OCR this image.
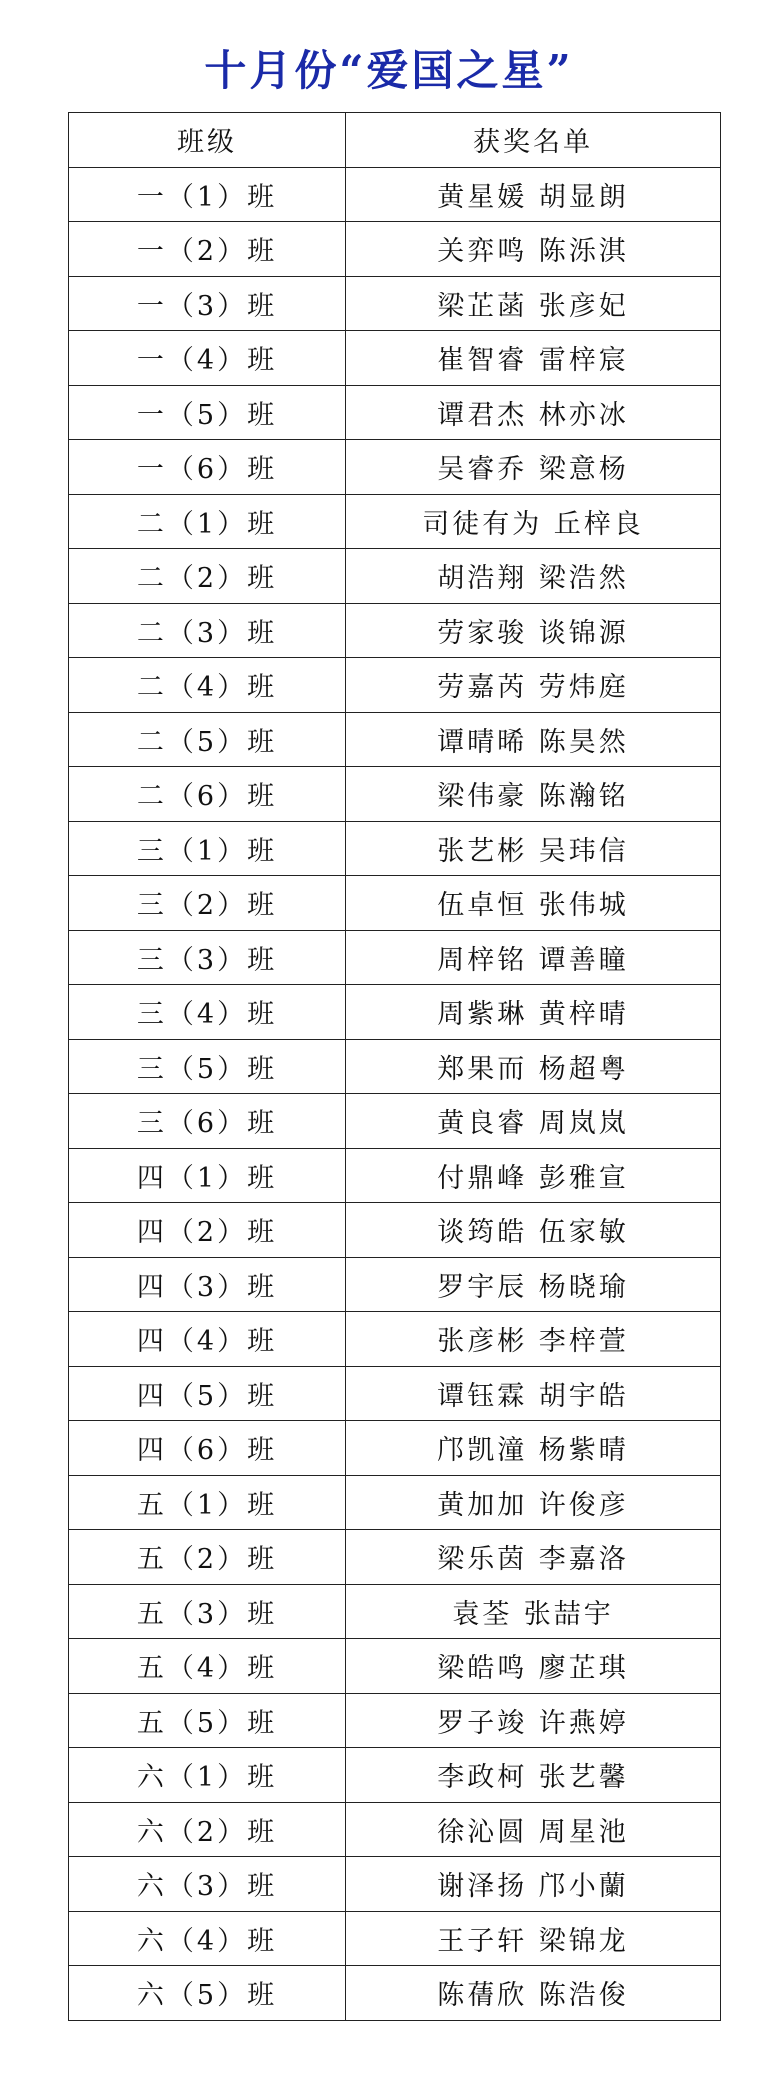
十月份“爱国之星”
班级	获奖名单
一（1）班	黄星媛 胡显朗
一（2）班	关弈鸣 陈泺淇
一（3）班	梁芷菡 张彦妃
一（4）班	崔智睿 雷梓宸
一（5）班	谭君杰 林亦冰
一（6）班	吴睿乔 梁意杨
二（1）班	司徒有为 丘梓良
二（2）班	胡浩翔 梁浩然
二（3）班	劳家骏 谈锦源
二（4）班	劳嘉芮 劳炜庭
二（5）班	谭晴晞 陈昊然
二（6）班	梁伟豪 陈瀚铭
三（1）班	张艺彬 吴玮信
三（2）班	伍卓恒 张伟城
三（3）班	周梓铭 谭善瞳
三（4）班	周紫琳 黄梓晴
三（5）班	郑果而 杨超粤
三（6）班	黄良睿 周岚岚
四（1）班	付鼎峰 彭雅宣
四（2）班	谈筠皓 伍家敏
四（3）班	罗宇辰 杨晓瑜
四（4）班	张彦彬 李梓萱
四（5）班	谭钰霖 胡宇皓
四（6）班	邝凯潼 杨紫晴
五（1）班	黄加加 许俊彦
五（2）班	梁乐茵 李嘉洛
五（3）班	袁荃 张喆宇
五（4）班	梁皓鸣 廖芷琪
五（5）班	罗子竣 许燕婷
六（1）班	李政柯 张艺馨
六（2）班	徐沁圆 周星池
六（3）班	谢泽扬 邝小蘭
六（4）班	王子轩 梁锦龙
六（5）班	陈蒨欣 陈浩俊
